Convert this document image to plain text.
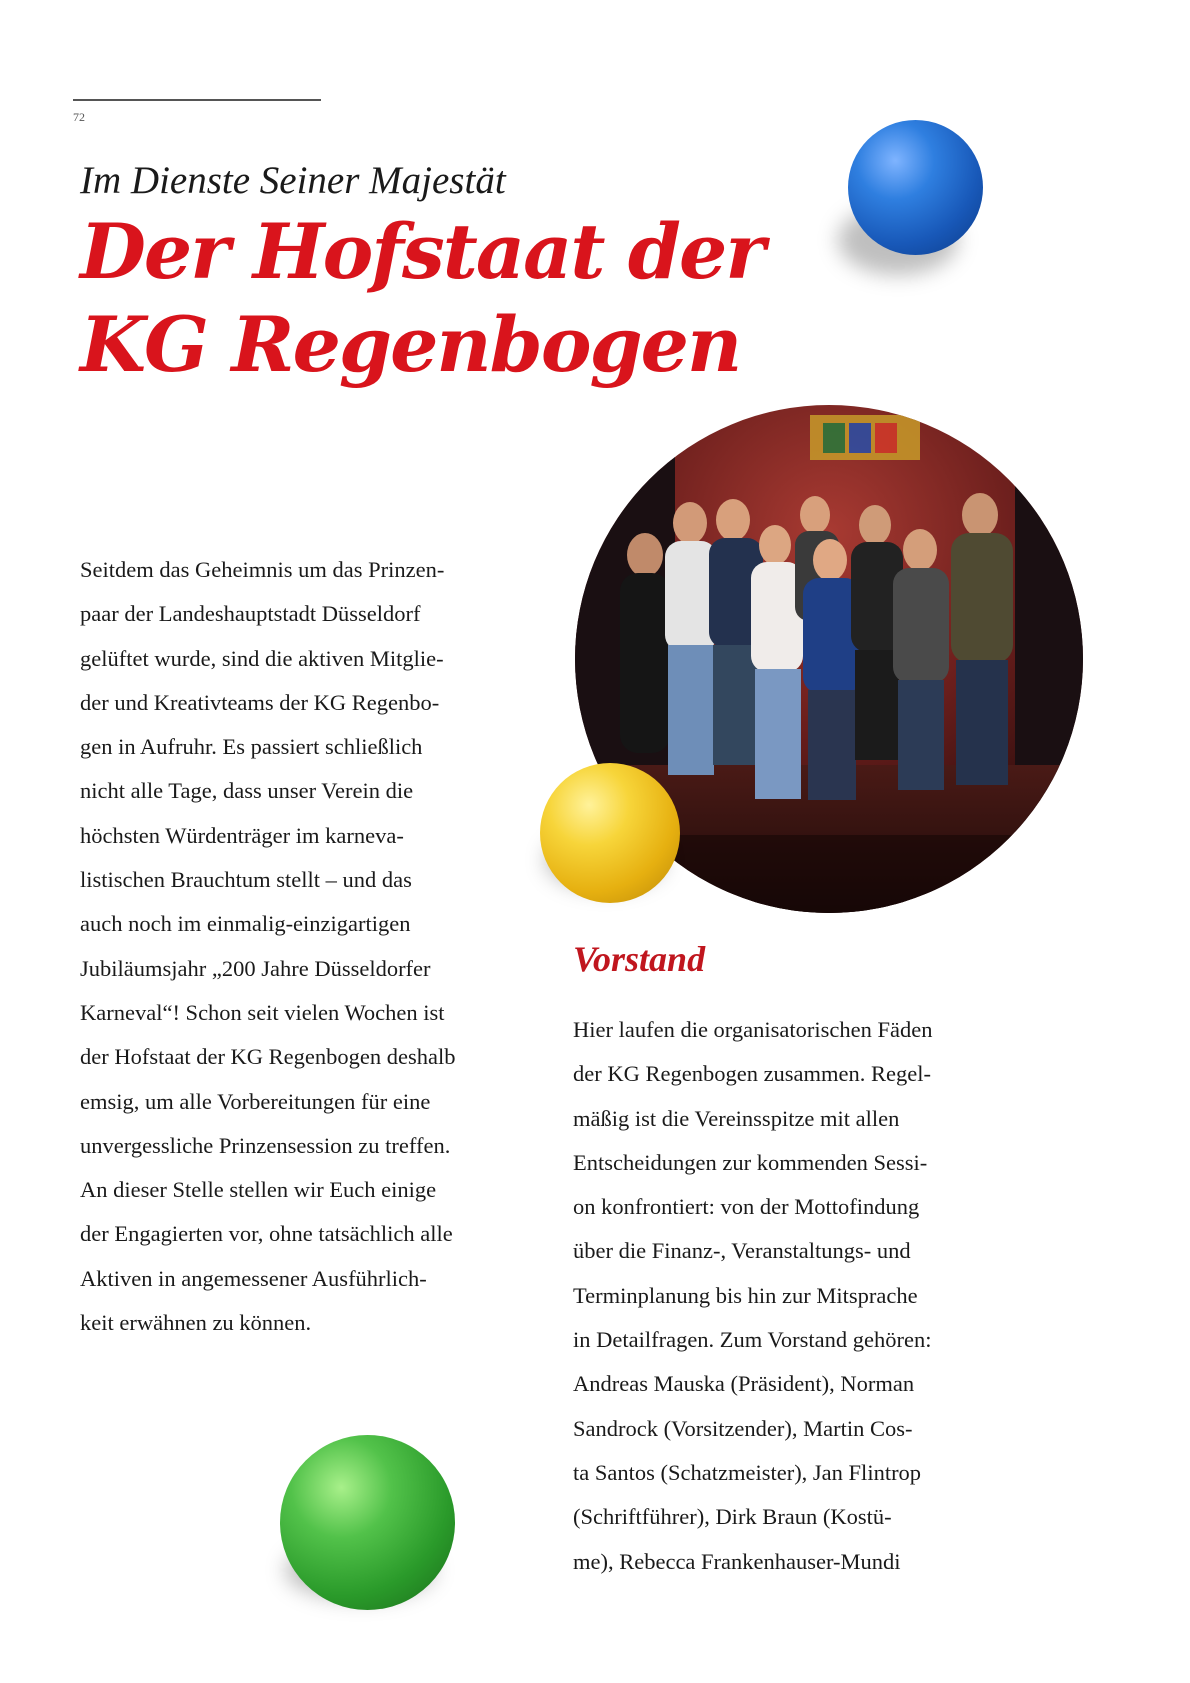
72
Im Dienste Seiner Majestät
Der Hofstaat der
KG Regenbogen
Seitdem das Geheimnis um das Prinzen-
paar der Landeshauptstadt Düsseldorf
gelüftet wurde, sind die aktiven Mitglie-
der und Kreativteams der KG Regenbo-
gen in Aufruhr. Es passiert schließlich
nicht alle Tage, dass unser Verein die
höchsten Würdenträger im karneva-
listischen Brauchtum stellt – und das
auch noch im einmalig-einzigartigen
Jubiläumsjahr „200 Jahre Düsseldorfer
Karneval“! Schon seit vielen Wochen ist
der Hofstaat der KG Regenbogen deshalb
emsig, um alle Vorbereitungen für eine
unvergessliche Prinzensession zu treffen.
An dieser Stelle stellen wir Euch einige
der Engagierten vor, ohne tatsächlich alle
Aktiven in angemessener Ausführlich-
keit erwähnen zu können.
Vorstand
Hier laufen die organisatorischen Fäden
der KG Regenbogen zusammen. Regel-
mäßig ist die Vereinsspitze mit allen
Entscheidungen zur kommenden Sessi-
on konfrontiert: von der Mottofindung
über die Finanz-, Veranstaltungs- und
Terminplanung bis hin zur Mitsprache
in Detailfragen. Zum Vorstand gehören:
Andreas Mauska (Präsident), Norman
Sandrock (Vorsitzender), Martin Cos-
ta Santos (Schatzmeister), Jan Flintrop
(Schriftführer), Dirk Braun (Kostü-
me), Rebecca Frankenhauser-Mundi
